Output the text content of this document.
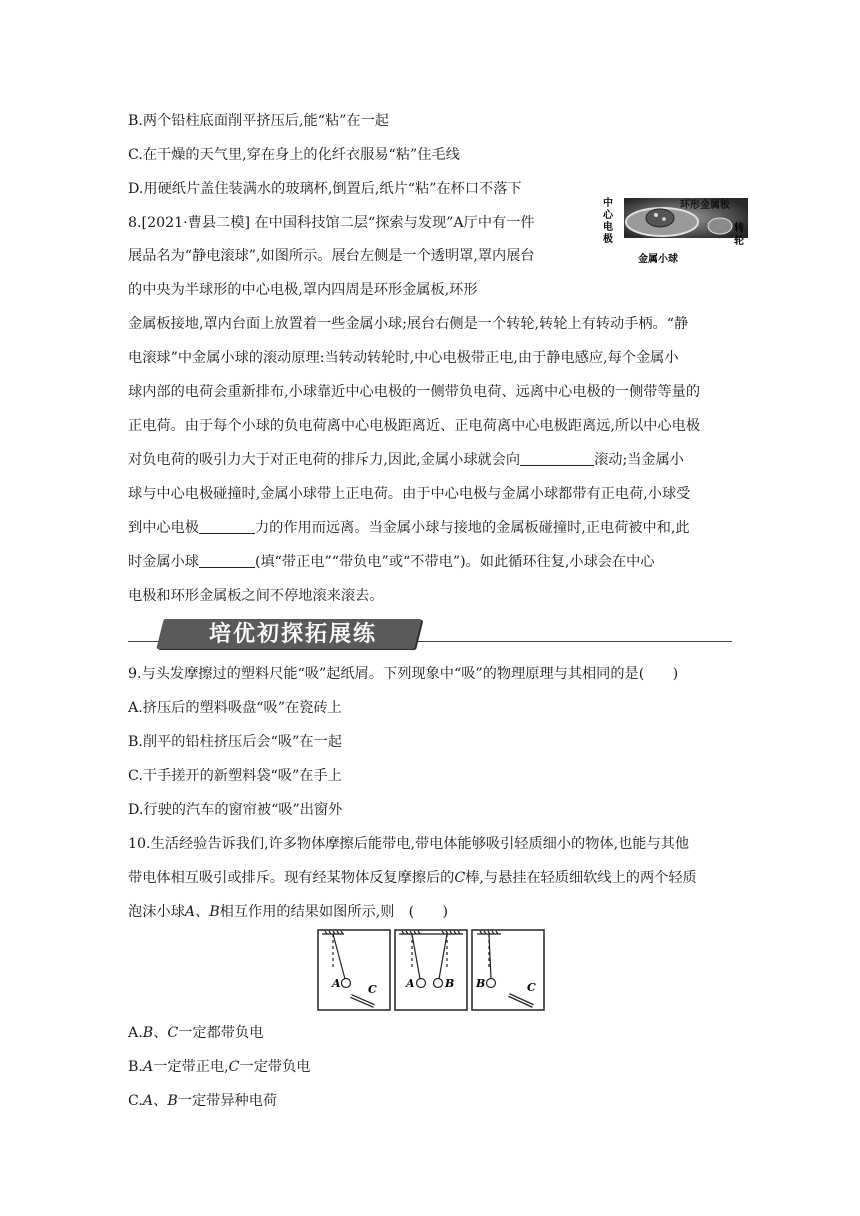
B.两个铅柱底面削平挤压后,能“粘”在一起
C.在干燥的天气里,穿在身上的化纤衣服易“粘”住毛线
D.用硬纸片盖住装满水的玻璃杯,倒置后,纸片“粘”在杯口不落下
8.[2021·曹县二模] 在中国科技馆二层“探索与发现”A厅中有一件
展品名为“静电滚球”,如图所示。展台左侧是一个透明罩,罩内展台
的中央为半球形的中心电极,罩内四周是环形金属板,环形
中
心
电
极
环形金属板
转
轮
金属小球
金属板接地,罩内台面上放置着一些金属小球;展台右侧是一个转轮,转轮上有转动手柄。“静
电滚球”中金属小球的滚动原理:当转动转轮时,中心电极带正电,由于静电感应,每个金属小
球内部的电荷会重新排布,小球靠近中心电极的一侧带负电荷、远离中心电极的一侧带等量的
正电荷。由于每个小球的负电荷离中心电极距离近、正电荷离中心电极距离远,所以中心电极
对负电荷的吸引力大于对正电荷的排斥力,因此,金属小球就会向	滚动;当金属小
球与中心电极碰撞时,金属小球带上正电荷。由于中心电极与金属小球都带有正电荷,小球受
到中心电极	力的作用而远离。当金属小球与接地的金属板碰撞时,正电荷被中和,此
时金属小球	(填“带正电”“带负电”或“不带电”)。如此循环往复,小球会在中心
电极和环形金属板之间不停地滚来滚去。
培优初探拓展练
9.与头发摩擦过的塑料尺能“吸”起纸屑。下列现象中“吸”的物理原理与其相同的是(　　)
A.挤压后的塑料吸盘“吸”在瓷砖上
B.削平的铅柱挤压后会“吸”在一起
C.干手搓开的新塑料袋“吸”在手上
D.行驶的汽车的窗帘被“吸”出窗外
10.生活经验告诉我们,许多物体摩擦后能带电,带电体能够吸引轻质细小的物体,也能与其他
带电体相互吸引或排斥。现有经某物体反复摩擦后的C棒,与悬挂在轻质细软线上的两个轻质
泡沫小球A、B相互作用的结果如图所示,则　(　　)
A C	A	B B	C
A.B、C一定都带负电
B.A一定带正电,C一定带负电
C.A、B一定带异种电荷
